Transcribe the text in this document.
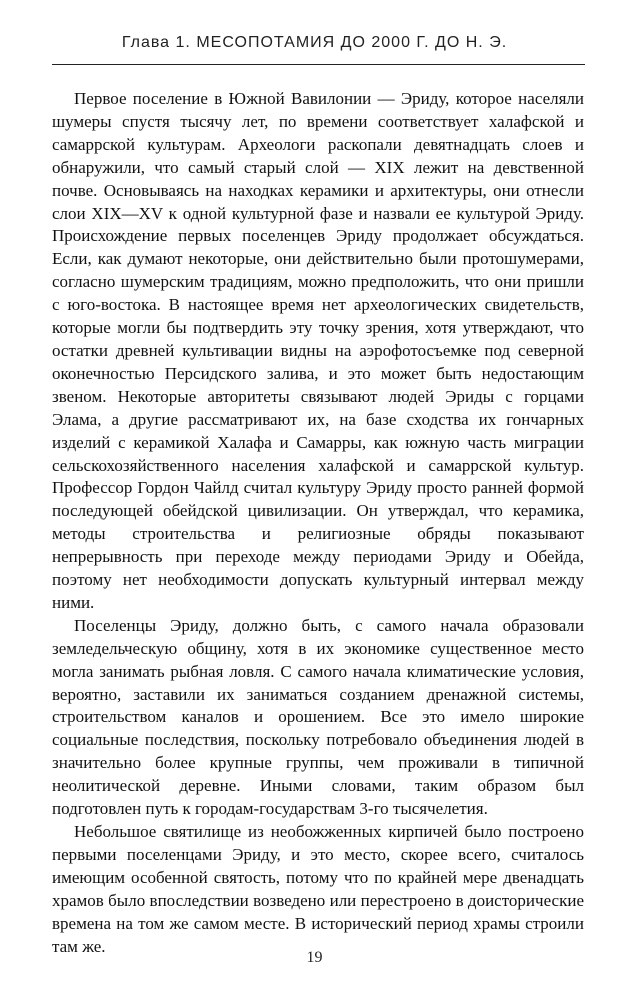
Глава 1. МЕСОПОТАМИЯ ДО 2000 Г. ДО Н. Э.

Первое поселение в Южной Вавилонии — Эриду, которое населяли шумеры спустя тысячу лет, по времени соответствует халафской и самаррской культурам. Археологи раскопали девятнадцать слоев и обнаружили, что самый старый слой — XIX лежит на девственной почве. Основываясь на находках керамики и архитектуры, они отнесли слои XIX—XV к одной культурной фазе и назвали ее культурой Эриду. Происхождение первых поселенцев Эриду продолжает обсуждаться. Если, как думают некоторые, они действительно были протошумерами, согласно шумерским традициям, можно предположить, что они пришли с юго-востока. В настоящее время нет археологических свидетельств, которые могли бы подтвердить эту точку зрения, хотя утверждают, что остатки древней культивации видны на аэрофотосъемке под северной оконечностью Персидского залива, и это может быть недостающим звеном. Некоторые авторитеты связывают людей Эриды с горцами Элама, а другие рассматривают их, на базе сходства их гончарных изделий с керамикой Халафа и Самарры, как южную часть миграции сельскохозяйственного населения халафской и самаррской культур. Профессор Гордон Чайлд считал культуру Эриду просто ранней формой последующей обейдской цивилизации. Он утверждал, что керамика, методы строительства и религиозные обряды показывают непрерывность при переходе между периодами Эриду и Обейда, поэтому нет необходимости допускать культурный интервал между ними.

Поселенцы Эриду, должно быть, с самого начала образовали земледельческую общину, хотя в их экономике существенное место могла занимать рыбная ловля. С самого начала климатические условия, вероятно, заставили их заниматься созданием дренажной системы, строительством каналов и орошением. Все это имело широкие социальные последствия, поскольку потребовало объединения людей в значительно более крупные группы, чем проживали в типичной неолитической деревне. Иными словами, таким образом был подготовлен путь к городам-государствам 3-го тысячелетия.

Небольшое святилище из необожженных кирпичей было построено первыми поселенцами Эриду, и это место, скорее всего, считалось имеющим особенной святость, потому что по крайней мере двенадцать храмов было впоследствии возведено или перестроено в доисторические времена на том же самом месте. В исторический период храмы строили там же.

19
